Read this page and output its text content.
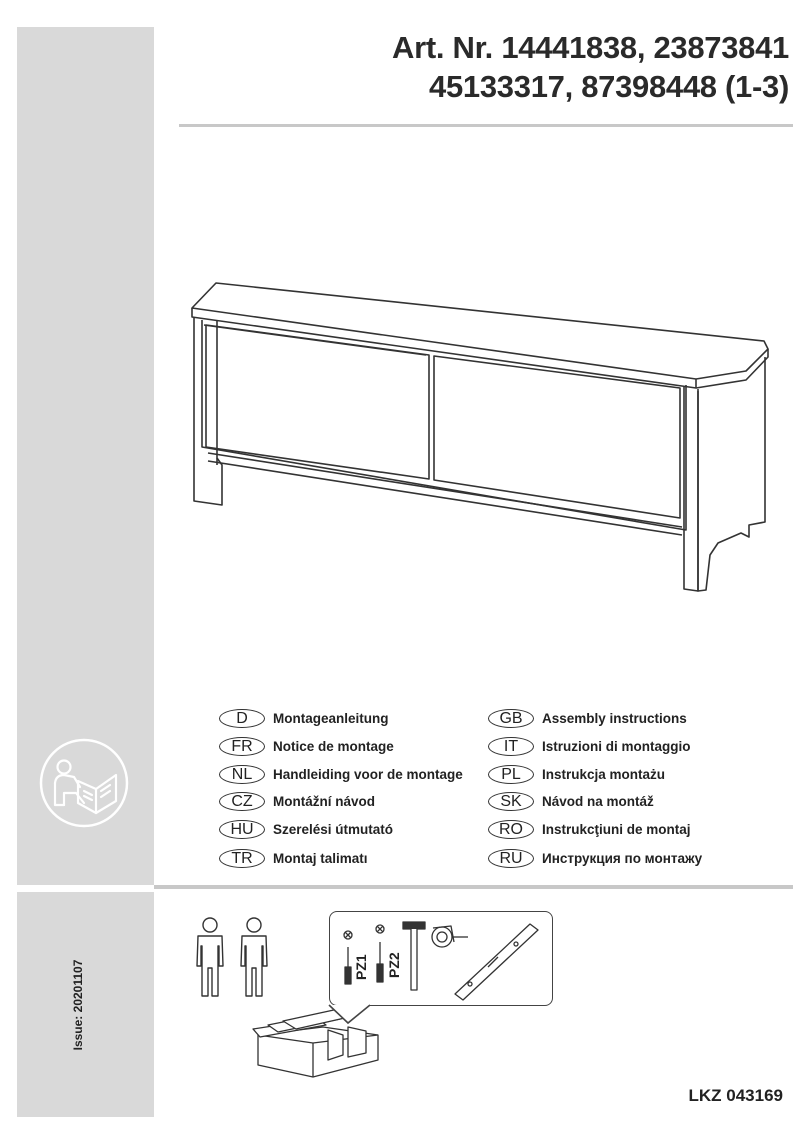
Art. Nr. 14441838, 23873841
45133317, 87398448 (1-3)
D	Montageanleitung
FR	Notice de montage
NL	Handleiding voor de montage
CZ	Montážní návod
HU	Szerelési útmutató
TR	Montaj talimatı
GB	Assembly instructions
IT	Istruzioni di montaggio
PL	Instrukcja montażu
SK	Návod na montáž
RO	Instrukcţiuni de montaj
RU	Инструкция по монтажу
PZ1 PZ2
Issue: 20201107
LKZ 043169
